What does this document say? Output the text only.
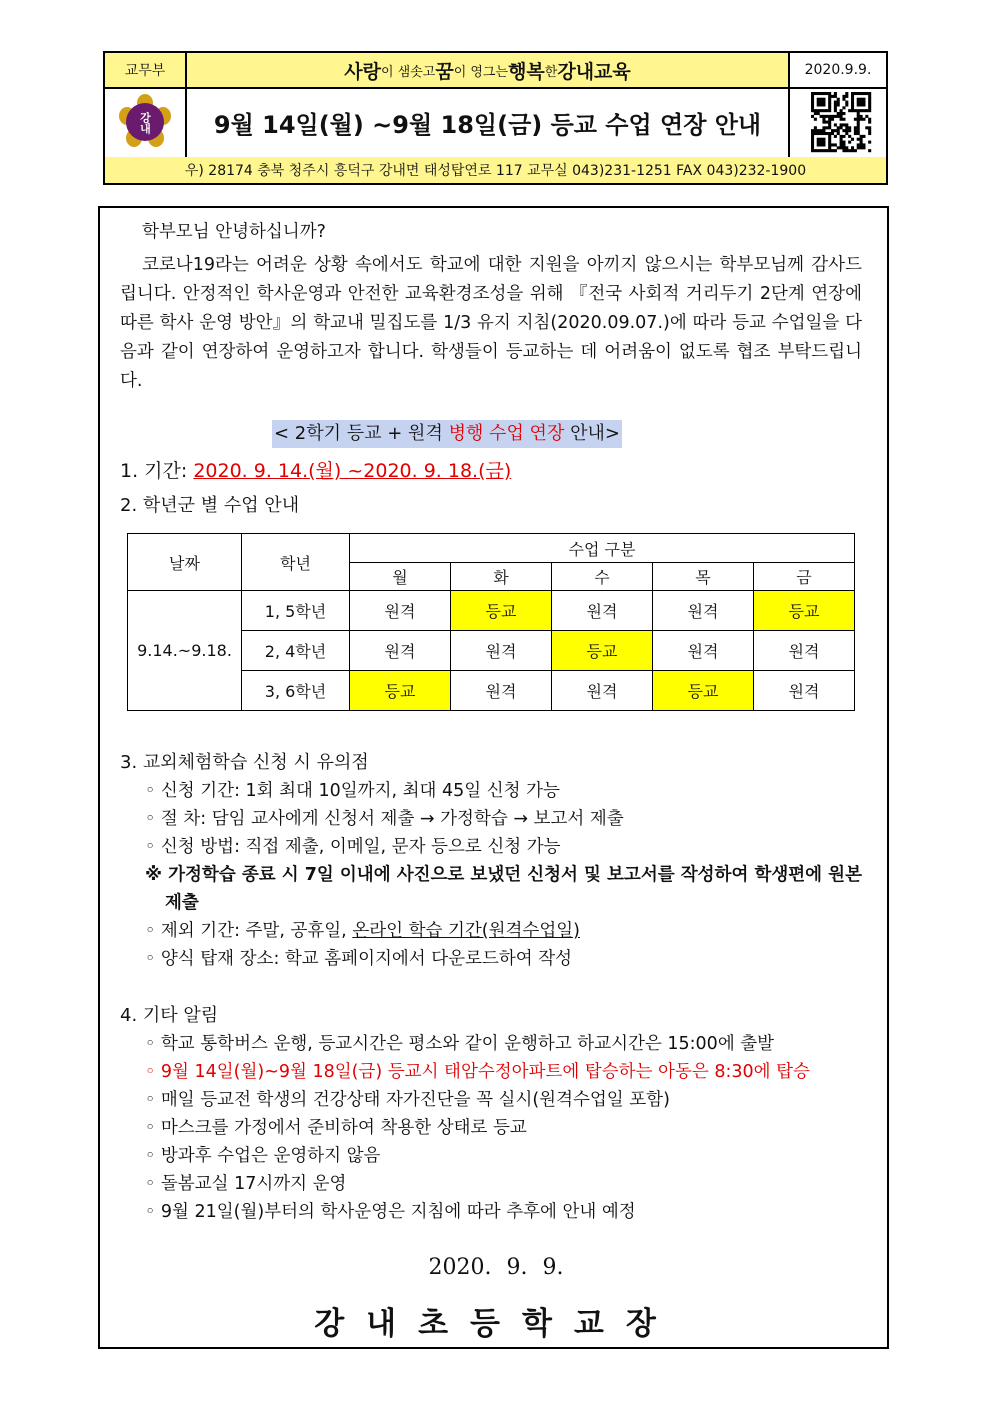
교무부	사랑 이 샘솟고 꿈 이 영그는 행복 한 강내교육	2020.9.9.
강내	9월 14일(월) ~9월 18일(금) 등교 수업 연장 안내
우) 28174 충북 청주시 흥덕구 강내면 태성탑연로 117 교무실 043)231-1251 FAX 043)232-1900
학부모님 안녕하십니까?
코로나19라는 어려운 상황 속에서도 학교에 대한 지원을 아끼지 않으시는 학부모님께 감사드립니다. 안정적인 학사운영과 안전한 교육환경조성을 위해 『전국 사회적 거리두기 2단계 연장에 따른 학사 운영 방안』의 학교내 밀집도를 1/3 유지 지침(2020.09.07.)에 따라 등교 수업일을 다음과 같이 연장하여 운영하고자 합니다. 학생들이 등교하는 데 어려움이 없도록 협조 부탁드립니다.
< 2학기 등교 + 원격 병행 수업 연장 안내>
1. 기간: 2020. 9. 14.(월) ~2020. 9. 18.(금)
2. 학년군 별 수업 안내
날짜	학년	수업 구분				
		월	화	수	목	금
9.14.~9.18.	1, 5학년	원격	등교	원격	원격	등교
	2, 4학년	원격	원격	등교	원격	원격
	3, 6학년	등교	원격	원격	등교	원격
3. 교외체험학습 신청 시 유의점
◦ 신청 기간: 1회 최대 10일까지, 최대 45일 신청 가능
◦ 절 차: 담임 교사에게 신청서 제출 → 가정학습 → 보고서 제출
◦ 신청 방법: 직접 제출, 이메일, 문자 등으로 신청 가능
※ 가정학습 종료 시 7일 이내에 사진으로 보냈던 신청서 및 보고서를 작성하여 학생편에 원본 제출
◦ 제외 기간: 주말, 공휴일, 온라인 학습 기간(원격수업일)
◦ 양식 탑재 장소: 학교 홈페이지에서 다운로드하여 작성
4. 기타 알림
◦ 학교 통학버스 운행, 등교시간은 평소와 같이 운행하고 하교시간은 15:00에 출발
◦ 9월 14일(월)~9월 18일(금) 등교시 태암수정아파트에 탑승하는 아동은 8:30에 탑승
◦ 매일 등교전 학생의 건강상태 자가진단을 꼭 실시(원격수업일 포함)
◦ 마스크를 가정에서 준비하여 착용한 상태로 등교
◦ 방과후 수업은 운영하지 않음
◦ 돌봄교실 17시까지 운영
◦ 9월 21일(월)부터의 학사운영은 지침에 따라 추후에 안내 예정
2020. 9. 9.
강내초등학교장
